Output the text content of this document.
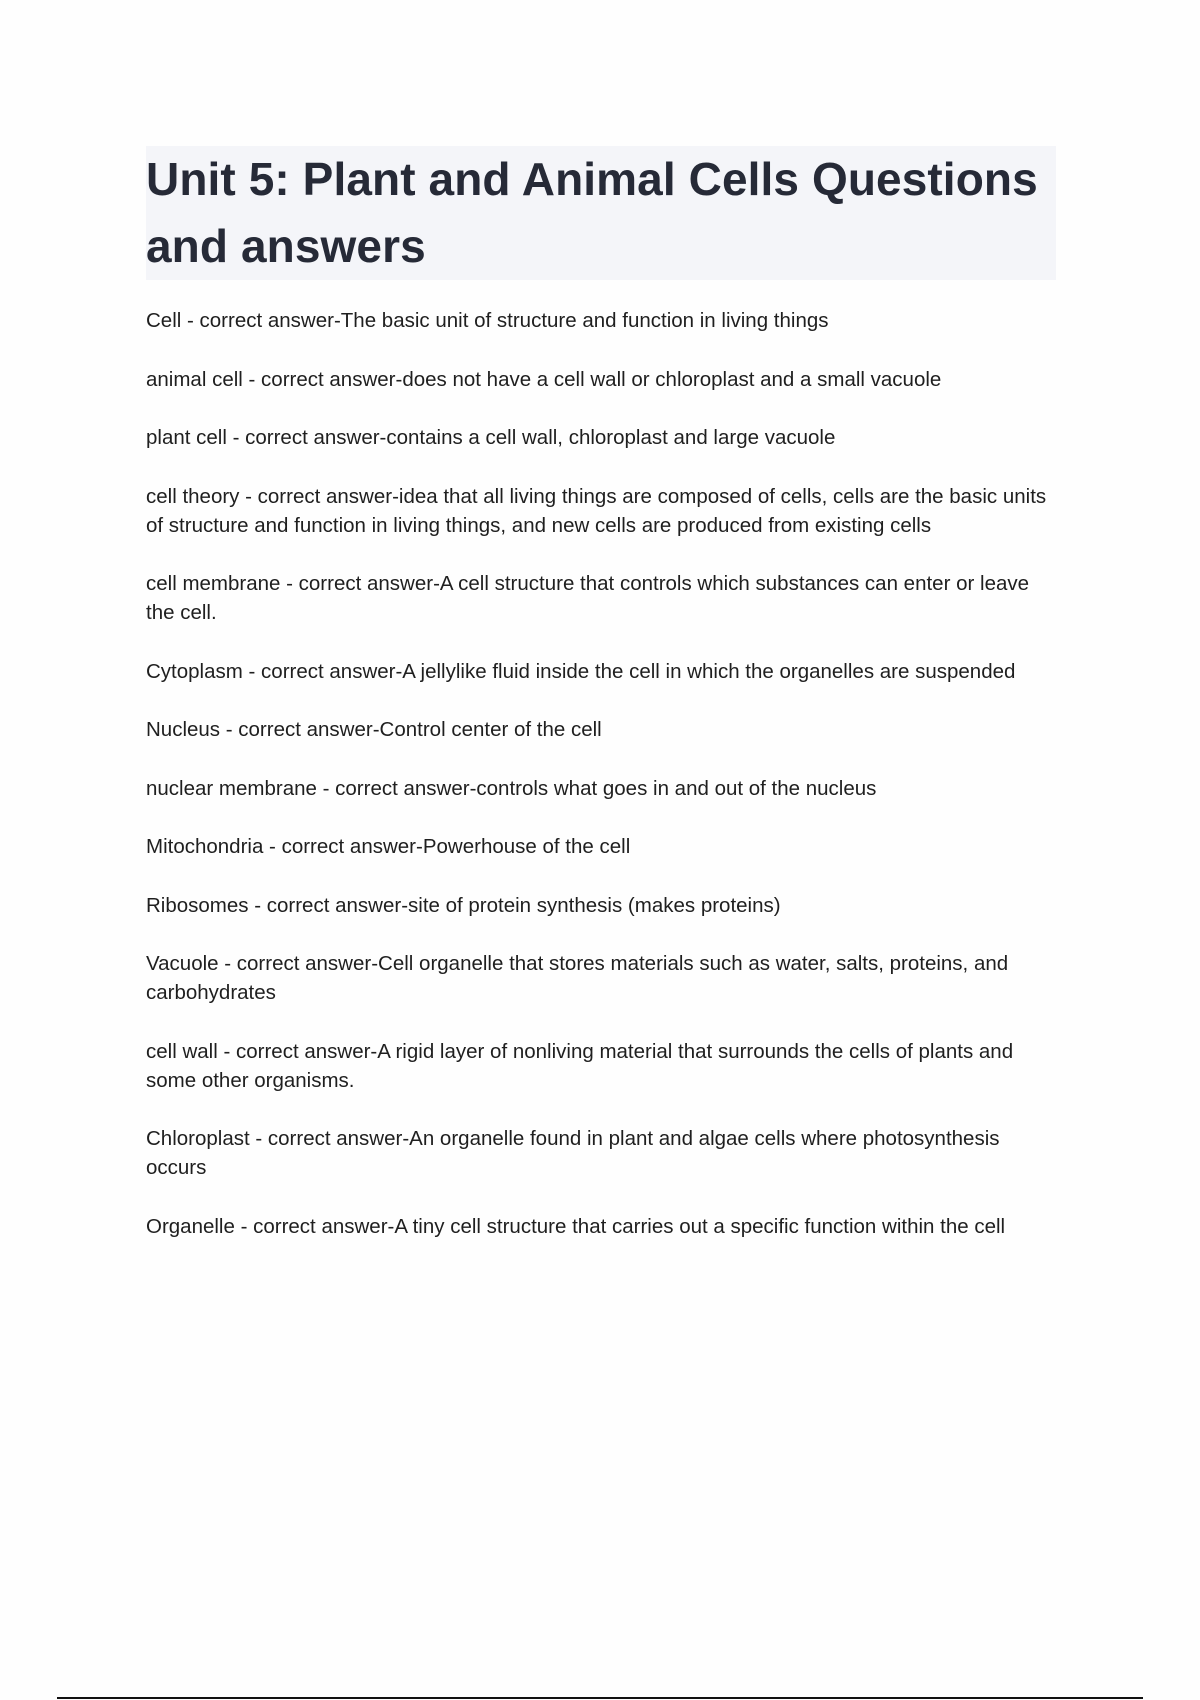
Unit 5: Plant and Animal Cells Questions and answers

Cell - correct answer-The basic unit of structure and function in living things

animal cell - correct answer-does not have a cell wall or chloroplast and a small vacuole

plant cell - correct answer-contains a cell wall, chloroplast and large vacuole

cell theory - correct answer-idea that all living things are composed of cells, cells are the basic units of structure and function in living things, and new cells are produced from existing cells

cell membrane - correct answer-A cell structure that controls which substances can enter or leave the cell.

Cytoplasm - correct answer-A jellylike fluid inside the cell in which the organelles are suspended

Nucleus - correct answer-Control center of the cell

nuclear membrane - correct answer-controls what goes in and out of the nucleus

Mitochondria - correct answer-Powerhouse of the cell

Ribosomes - correct answer-site of protein synthesis (makes proteins)

Vacuole - correct answer-Cell organelle that stores materials such as water, salts, proteins, and carbohydrates

cell wall - correct answer-A rigid layer of nonliving material that surrounds the cells of plants and some other organisms.

Chloroplast - correct answer-An organelle found in plant and algae cells where photosynthesis occurs

Organelle - correct answer-A tiny cell structure that carries out a specific function within the cell
